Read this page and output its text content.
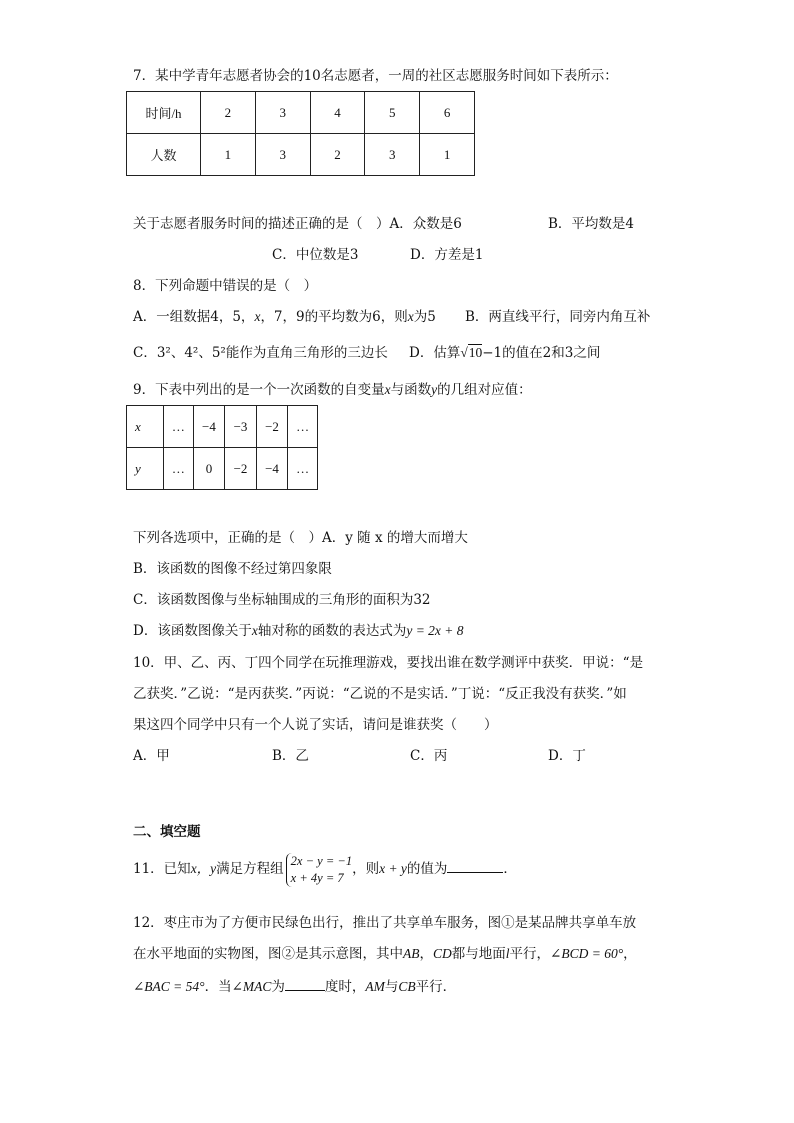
7．某中学青年志愿者协会的10名志愿者，一周的社区志愿服务时间如下表所示：
时间/h	2	3	4	5	6
人数	1	3	2	3	1
关于志愿者服务时间的描述正确的是（　）A．众数是6	B．平均数是4
C．中位数是3	D．方差是1
8．下列命题中错误的是（　）
A．一组数据4，5，x，7，9的平均数为6，则x为5 B．两直线平行，同旁内角互补
C．3²、4²、5²能作为直角三角形的三边长 D．估算√10−1的值在2和3之间
9．下表中列出的是一个一次函数的自变量x与函数y的几组对应值：
x	…	−4	−3	−2	…
y	…	0	−2	−4	…
下列各选项中，正确的是（　）A．y 随 x 的增大而增大
B．该函数的图像不经过第四象限
C．该函数图像与坐标轴围成的三角形的面积为32
D．该函数图像关于x轴对称的函数的表达式为y = 2x + 8
10．甲、乙、丙、丁四个同学在玩推理游戏，要找出谁在数学测评中获奖．甲说：“是
乙获奖．”乙说：“是丙获奖．”丙说：“乙说的不是实话．”丁说：“反正我没有获奖．”如
果这四个同学中只有一个人说了实话，请问是谁获奖（　　）
A．甲	B．乙	C．丙	D．丁
二、填空题
11．已知x，y满足方程组
2x − y = −1
x + 4y = 7
，则x + y的值为	．
12．枣庄市为了方便市民绿色出行，推出了共享单车服务，图①是某品牌共享单车放
在水平地面的实物图，图②是其示意图，其中AB，CD都与地面l平行，∠BCD = 60°，
∠BAC = 54°．当∠MAC为	度时，AM与CB平行．
